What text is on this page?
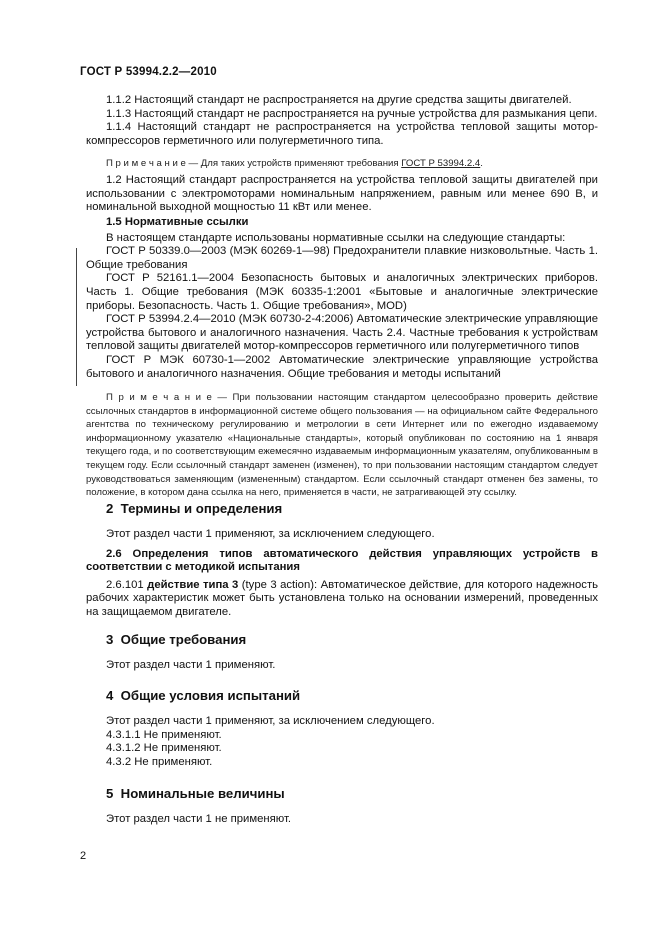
ГОСТ Р 53994.2.2—2010

1.1.2 Настоящий стандарт не распространяется на другие средства защиты двигателей.

1.1.3 Настоящий стандарт не распространяется на ручные устройства для размыкания цепи.

1.1.4 Настоящий стандарт не распространяется на устройства тепловой защиты мотор-компрессоров герметичного или полугерметичного типа.

П р и м е ч а н и е — Для таких устройств применяют требования ГОСТ Р 53994.2.4.

1.2 Настоящий стандарт распространяется на устройства тепловой защиты двигателей при использовании с электромоторами номинальным напряжением, равным или менее 690 В, и номинальной выходной мощностью 11 кВт или менее.

1.5 Нормативные ссылки

В настоящем стандарте использованы нормативные ссылки на следующие стандарты:

ГОСТ Р 50339.0—2003 (МЭК 60269-1—98) Предохранители плавкие низковольтные. Часть 1. Общие требования

ГОСТ Р 52161.1—2004 Безопасность бытовых и аналогичных электрических приборов. Часть 1. Общие требования (МЭК 60335-1:2001 «Бытовые и аналогичные электрические приборы. Безопасность. Часть 1. Общие требования», MOD)

ГОСТ Р 53994.2.4—2010 (МЭК 60730-2-4:2006) Автоматические электрические управляющие устройства бытового и аналогичного назначения. Часть 2.4. Частные требования к устройствам тепловой защиты двигателей мотор-компрессоров герметичного или полугерметичного типов

ГОСТ Р МЭК 60730-1—2002 Автоматические электрические управляющие устройства бытового и аналогичного назначения. Общие требования и методы испытаний

П р и м е ч а н и е — При пользовании настоящим стандартом целесообразно проверить действие ссылочных стандартов в информационной системе общего пользования — на официальном сайте Федерального агентства по техническому регулированию и метрологии в сети Интернет или по ежегодно издаваемому информационному указателю «Национальные стандарты», который опубликован по состоянию на 1 января текущего года, и по соответствующим ежемесячно издаваемым информационным указателям, опубликованным в текущем году. Если ссылочный стандарт заменен (изменен), то при пользовании настоящим стандартом следует руководствоваться заменяющим (измененным) стандартом. Если ссылочный стандарт отменен без замены, то положение, в котором дана ссылка на него, применяется в части, не затрагивающей эту ссылку.

2 Термины и определения

Этот раздел части 1 применяют, за исключением следующего.

2.6 Определения типов автоматического действия управляющих устройств в соответствии с методикой испытания

2.6.101 действие типа 3 (type 3 action): Автоматическое действие, для которого надежность рабочих характеристик может быть установлена только на основании измерений, проведенных на защищаемом двигателе.

3 Общие требования

Этот раздел части 1 применяют.

4 Общие условия испытаний

Этот раздел части 1 применяют, за исключением следующего.

4.3.1.1 Не применяют.

4.3.1.2 Не применяют.

4.3.2 Не применяют.

5 Номинальные величины

Этот раздел части 1 не применяют.

2
